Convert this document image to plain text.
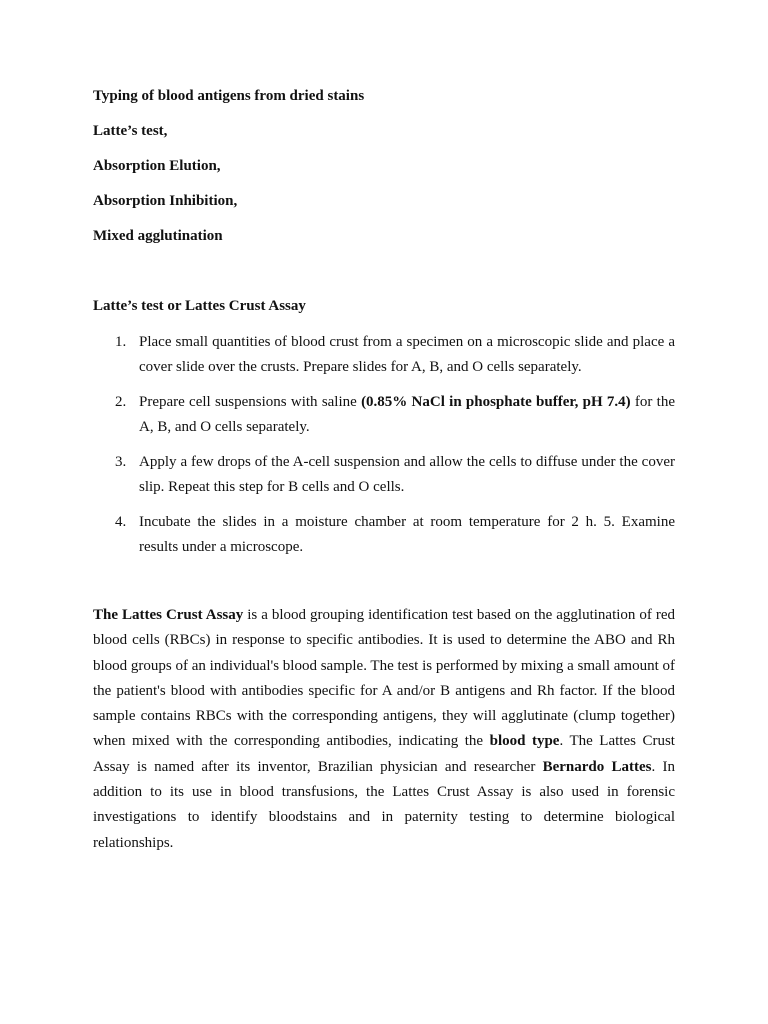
Typing of blood antigens from dried stains
Latte’s test,
Absorption Elution,
Absorption Inhibition,
Mixed agglutination
Latte’s test or Lattes Crust Assay
1. Place small quantities of blood crust from a specimen on a microscopic slide and place a cover slide over the crusts. Prepare slides for A, B, and O cells separately.
2. Prepare cell suspensions with saline (0.85% NaCl in phosphate buffer, pH 7.4) for the A, B, and O cells separately.
3. Apply a few drops of the A-cell suspension and allow the cells to diffuse under the cover slip. Repeat this step for B cells and O cells.
4. Incubate the slides in a moisture chamber at room temperature for 2 h. 5. Examine results under a microscope.

The Lattes Crust Assay is a blood grouping identification test based on the agglutination of red blood cells (RBCs) in response to specific antibodies. It is used to determine the ABO and Rh blood groups of an individual's blood sample. The test is performed by mixing a small amount of the patient's blood with antibodies specific for A and/or B antigens and Rh factor. If the blood sample contains RBCs with the corresponding antigens, they will agglutinate (clump together) when mixed with the corresponding antibodies, indicating the blood type. The Lattes Crust Assay is named after its inventor, Brazilian physician and researcher Bernardo Lattes. In addition to its use in blood transfusions, the Lattes Crust Assay is also used in forensic investigations to identify bloodstains and in paternity testing to determine biological relationships.
